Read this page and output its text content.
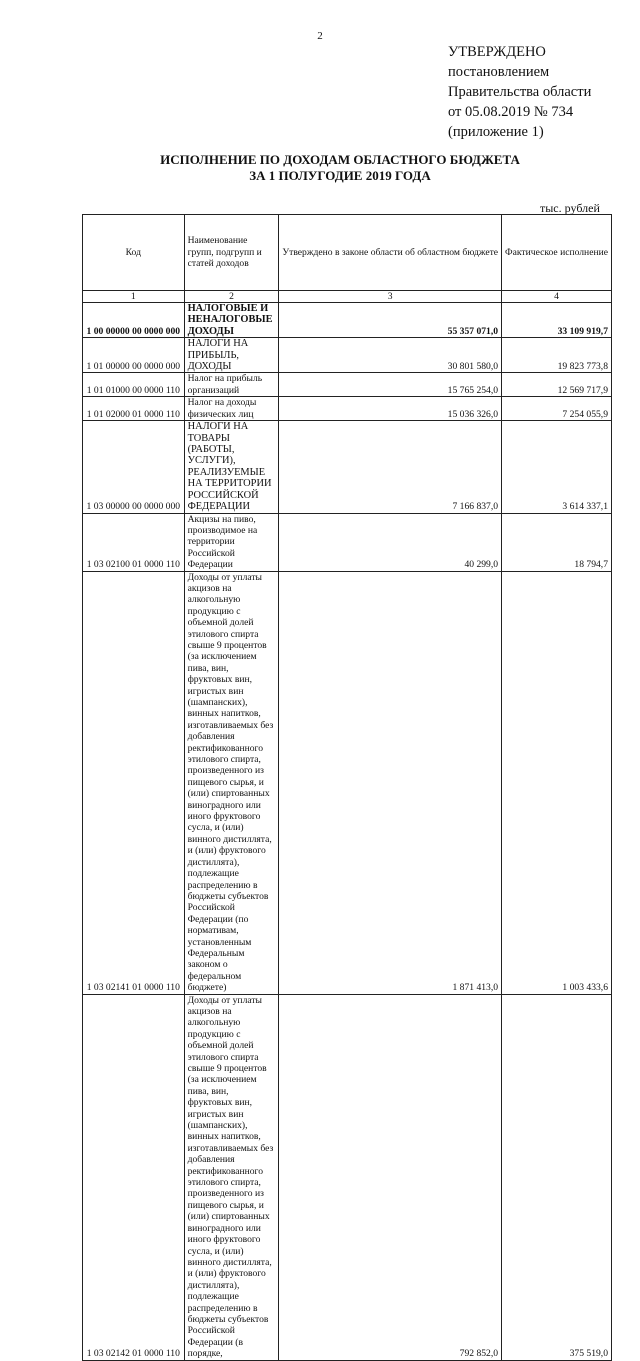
2
УТВЕРЖДЕНО
постановлением
Правительства области
от 05.08.2019 № 734
(приложение 1)
ИСПОЛНЕНИЕ ПО ДОХОДАМ ОБЛАСТНОГО БЮДЖЕТА
ЗА 1 ПОЛУГОДИЕ 2019 ГОДА
тыс. рублей
Код	Наименование групп, подгрупп и статей доходов	Утверждено в законе области об областном бюджете	Фактическое исполнение
1	2	3	4
1 00 00000 00 0000 000	НАЛОГОВЫЕ И НЕНАЛОГОВЫЕ ДОХОДЫ	55 357 071,0	33 109 919,7
1 01 00000 00 0000 000	НАЛОГИ НА ПРИБЫЛЬ, ДОХОДЫ	30 801 580,0	19 823 773,8
1 01 01000 00 0000 110	Налог на прибыль организаций	15 765 254,0	12 569 717,9
1 01 02000 01 0000 110	Налог на доходы физических лиц	15 036 326,0	7 254 055,9
1 03 00000 00 0000 000	НАЛОГИ НА ТОВАРЫ (РАБОТЫ, УСЛУГИ), РЕАЛИЗУЕМЫЕ НА ТЕРРИТОРИИ РОССИЙСКОЙ ФЕДЕРАЦИИ	7 166 837,0	3 614 337,1
1 03 02100 01 0000 110	Акцизы на пиво, производимое на территории Российской Федерации	40 299,0	18 794,7
1 03 02141 01 0000 110	Доходы от уплаты акцизов на алкогольную продукцию с объемной долей этилового спирта свыше 9 процентов (за исключением пива, вин, фруктовых вин, игристых вин (шампанских), винных напитков, изготавливаемых без добавления ректификованного этилового спирта, произведенного из пищевого сырья, и (или) спиртованных виноградного или иного фруктового сусла, и (или) винного дистиллята, и (или) фруктового дистиллята), подлежащие распределению в бюджеты субъектов Российской Федерации (по нормативам, установленным Федеральным законом о федеральном бюджете)	1 871 413,0	1 003 433,6
1 03 02142 01 0000 110	Доходы от уплаты акцизов на алкогольную продукцию с объемной долей этилового спирта свыше 9 процентов (за исключением пива, вин, фруктовых вин, игристых вин (шампанских), винных напитков, изготавливаемых без добавления ректификованного этилового спирта, произведенного из пищевого сырья, и (или) спиртованных виноградного или иного фруктового сусла, и (или) винного дистиллята, и (или) фруктового дистиллята), подлежащие распределению в бюджеты субъектов Российской Федерации (в порядке,	792 852,0	375 519,0
